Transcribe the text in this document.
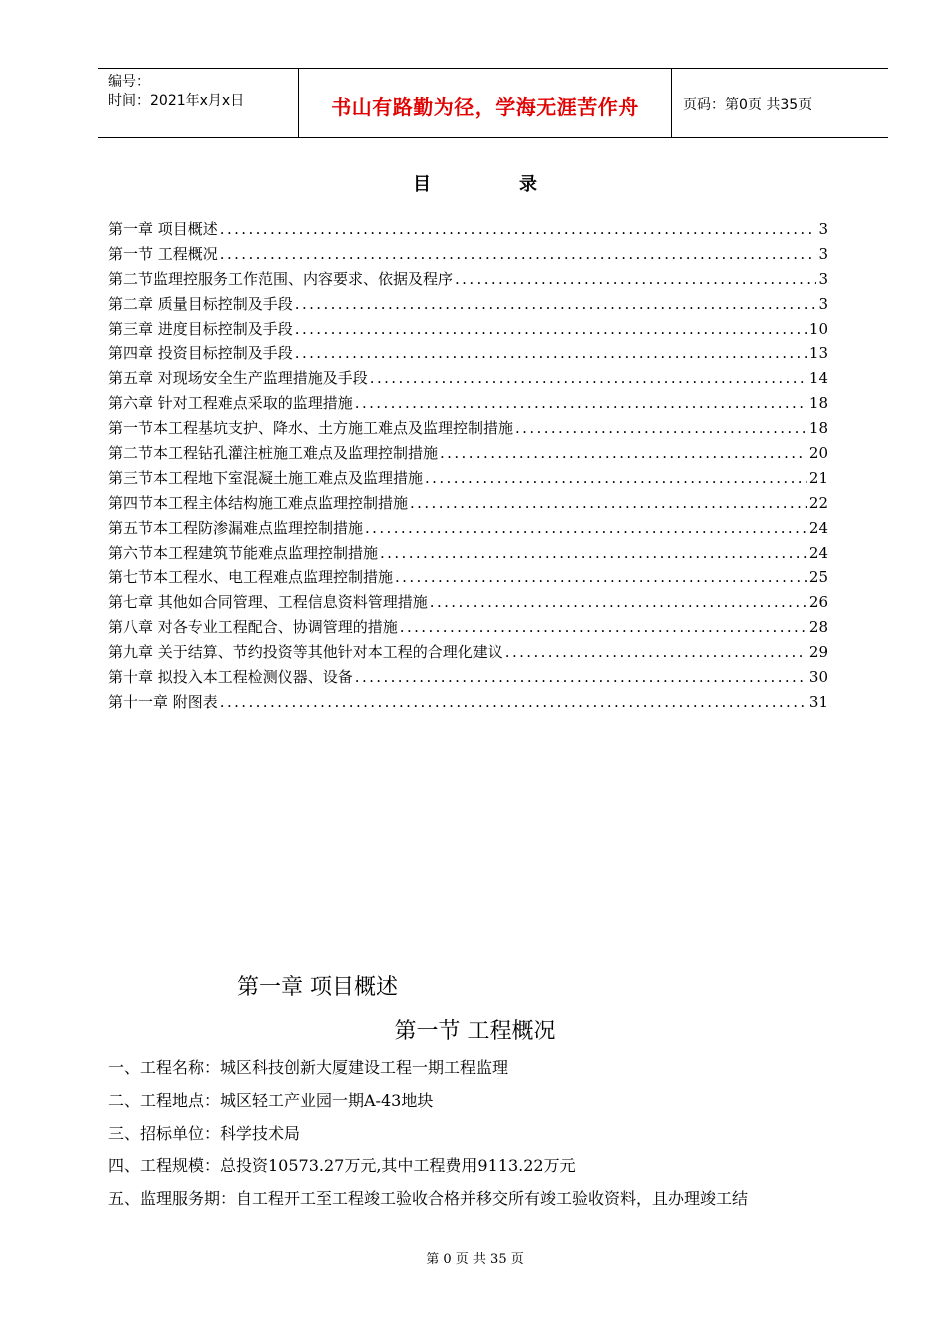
编号：
时间：2021年x月x日	书山有路勤为径，学海无涯苦作舟	页码：第0页 共35页
目	录
第一章 项目概述 .....	3
第一节 工程概况 .....	3
第二节监理控服务工作范围、内容要求、依据及程序 .....	3
第二章 质量目标控制及手段 .....	3
第三章 进度目标控制及手段 .....	10
第四章 投资目标控制及手段 .....	13
第五章 对现场安全生产监理措施及手段 .....	14
第六章 针对工程难点采取的监理措施 .....	18
第一节本工程基坑支护、降水、土方施工难点及监理控制措施 .....	18
第二节本工程钻孔灌注桩施工难点及监理控制措施 .....	20
第三节本工程地下室混凝土施工难点及监理措施 .....	21
第四节本工程主体结构施工难点监理控制措施 .....	22
第五节本工程防渗漏难点监理控制措施 .....	24
第六节本工程建筑节能难点监理控制措施 .....	24
第七节本工程水、电工程难点监理控制措施 .....	25
第七章 其他如合同管理、工程信息资料管理措施 .....	26
第八章 对各专业工程配合、协调管理的措施 .....	28
第九章 关于结算、节约投资等其他针对本工程的合理化建议 .....	29
第十章 拟投入本工程检测仪器、设备 .....	30
第十一章 附图表 .....	31
第一章 项目概述
第一节 工程概况
一、工程名称：城区科技创新大厦建设工程一期工程监理
二、工程地点：城区轻工产业园一期A-43地块
三、招标单位：科学技术局
四、工程规模：总投资10573.27万元,其中工程费用9113.22万元
五、监理服务期：自工程开工至工程竣工验收合格并移交所有竣工验收资料，且办理竣工结
第 0 页 共 35 页
